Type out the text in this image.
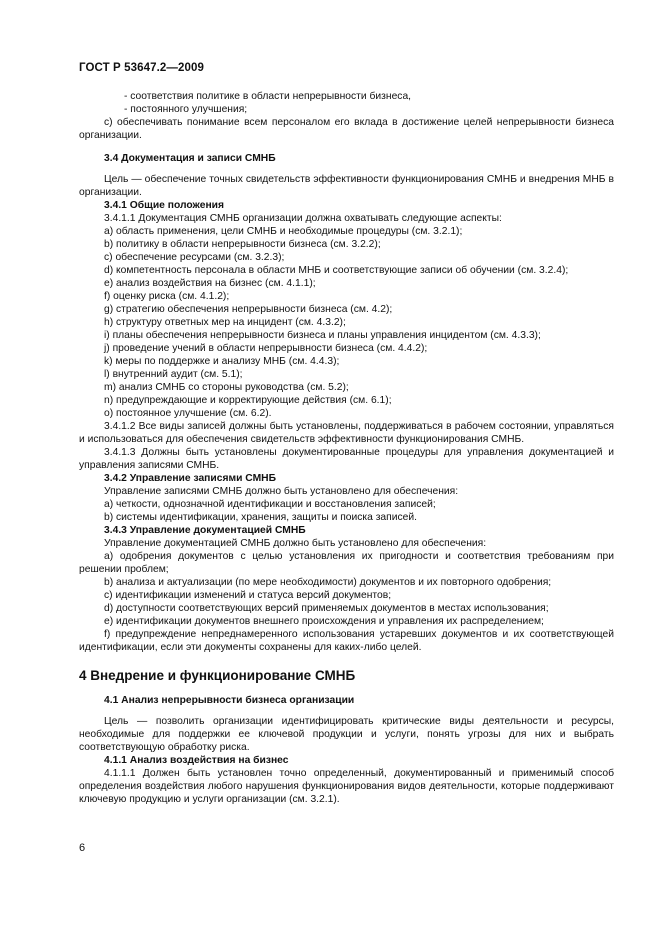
ГОСТ Р 53647.2—2009

- соответствия политике в области непрерывности бизнеса,

- постоянного улучшения;

с) обеспечивать понимание всем персоналом его вклада в достижение целей непрерывности бизнеса организации.

3.4 Документация и записи СМНБ

Цель — обеспечение точных свидетельств эффективности функционирования СМНБ и внедрения МНБ в организации.

3.4.1 Общие положения

3.4.1.1 Документация СМНБ организации должна охватывать следующие аспекты:

a) область применения, цели СМНБ и необходимые процедуры (см. 3.2.1);

b) политику в области непрерывности бизнеса (см. 3.2.2);

c) обеспечение ресурсами (см. 3.2.3);

d) компетентность персонала в области МНБ и соответствующие записи об обучении (см. 3.2.4);

e) анализ воздействия на бизнес (см. 4.1.1);

f) оценку риска (см. 4.1.2);

g) стратегию обеспечения непрерывности бизнеса (см. 4.2);

h) структуру ответных мер на инцидент (см. 4.3.2);

i) планы обеспечения непрерывности бизнеса и планы управления инцидентом (см. 4.3.3);

j) проведение учений в области непрерывности бизнеса (см. 4.4.2);

k) меры по поддержке и анализу МНБ (см. 4.4.3);

l) внутренний аудит (см. 5.1);

m) анализ СМНБ со стороны руководства (см. 5.2);

n) предупреждающие и корректирующие действия (см. 6.1);

o) постоянное улучшение (см. 6.2).

3.4.1.2 Все виды записей должны быть установлены, поддерживаться в рабочем состоянии, управляться и использоваться для обеспечения свидетельств эффективности функционирования СМНБ.

3.4.1.3 Должны быть установлены документированные процедуры для управления документацией и управления записями СМНБ.

3.4.2 Управление записями СМНБ

Управление записями СМНБ должно быть установлено для обеспечения:

a) четкости, однозначной идентификации и восстановления записей;

b) системы идентификации, хранения, защиты и поиска записей.

3.4.3 Управление документацией СМНБ

Управление документацией СМНБ должно быть установлено для обеспечения:

a) одобрения документов с целью установления их пригодности и соответствия требованиям при решении проблем;

b) анализа и актуализации (по мере необходимости) документов и их повторного одобрения;

c) идентификации изменений и статуса версий документов;

d) доступности соответствующих версий применяемых документов в местах использования;

e) идентификации документов внешнего происхождения и управления их распределением;

f) предупреждение непреднамеренного использования устаревших документов и их соответствующей идентификации, если эти документы сохранены для каких-либо целей.

4 Внедрение и функционирование СМНБ

4.1 Анализ непрерывности бизнеса организации

Цель — позволить организации идентифицировать критические виды деятельности и ресурсы, необходимые для поддержки ее ключевой продукции и услуги, понять угрозы для них и выбрать соответствующую обработку риска.

4.1.1 Анализ воздействия на бизнес

4.1.1.1 Должен быть установлен точно определенный, документированный и применимый способ определения воздействия любого нарушения функционирования видов деятельности, которые поддерживают ключевую продукцию и услуги организации (см. 3.2.1).

6
